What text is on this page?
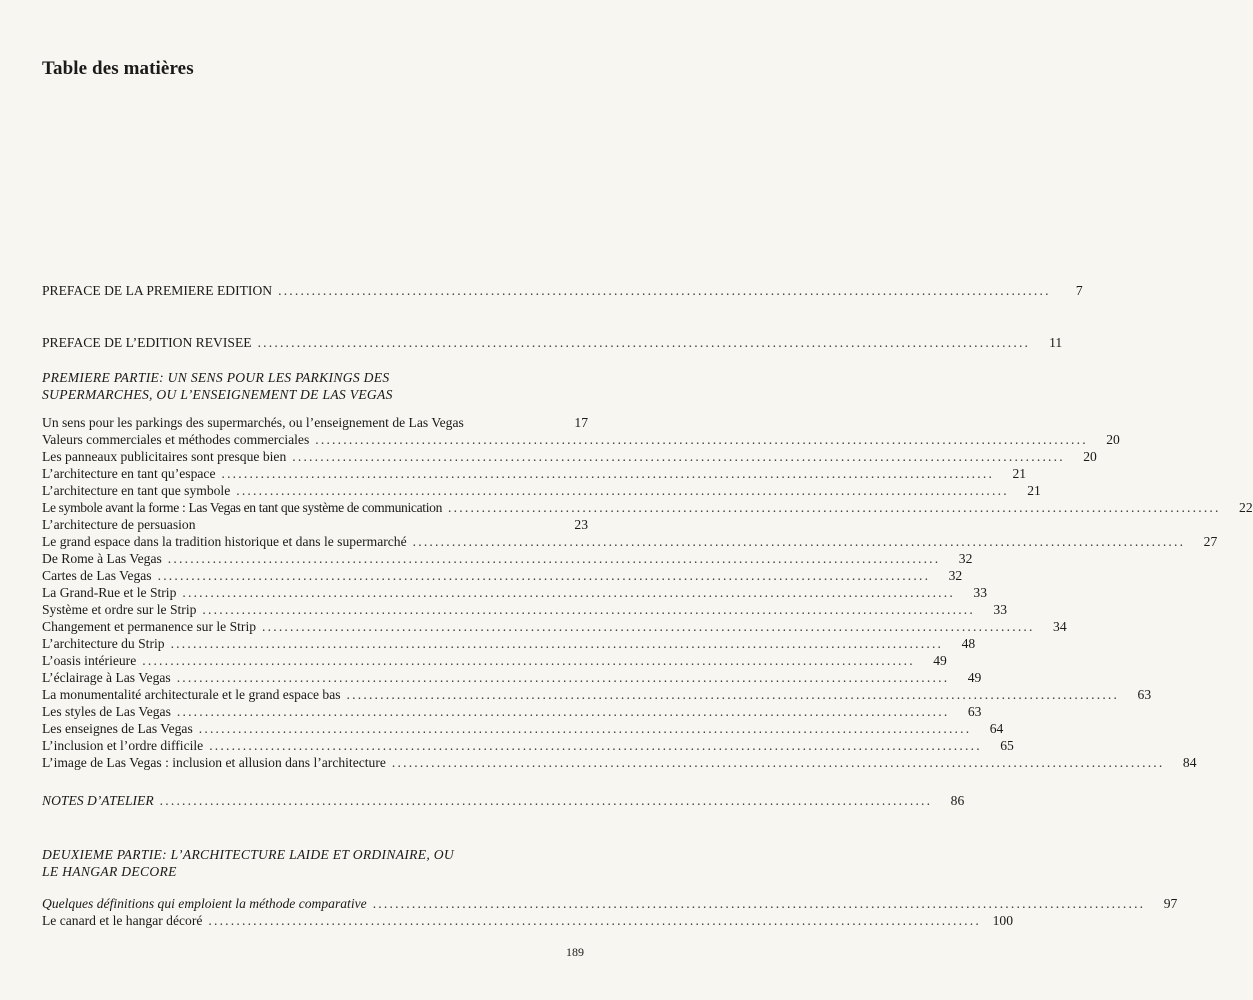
Table des matières
PREFACE DE LA PREMIERE EDITION ..........................................................................................................................................	7
PREFACE DE L’EDITION REVISEE ..........................................................................................................................................	11
PREMIERE PARTIE: UN SENS POUR LES PARKINGS DES
SUPERMARCHES, OU L’ENSEIGNEMENT DE LAS VEGAS
Un sens pour les parkings des supermarchés, ou l’enseignement de Las Vegas	17
Valeurs commerciales et méthodes commerciales ..........................................................................................................................................	20
Les panneaux publicitaires sont presque bien ..........................................................................................................................................	20
L’architecture en tant qu’espace ..........................................................................................................................................	21
L’architecture en tant que symbole ..........................................................................................................................................	21
Le symbole avant la forme : Las Vegas en tant que système de communication ..........................................................................................................................................	22
L’architecture de persuasion	23
Le grand espace dans la tradition historique et dans le supermarché ..........................................................................................................................................	27
De Rome à Las Vegas ..........................................................................................................................................	32
Cartes de Las Vegas ..........................................................................................................................................	32
La Grand-Rue et le Strip ..........................................................................................................................................	33
Système et ordre sur le Strip ..........................................................................................................................................	33
Changement et permanence sur le Strip ..........................................................................................................................................	34
L’architecture du Strip ..........................................................................................................................................	48
L’oasis intérieure ..........................................................................................................................................	49
L’éclairage à Las Vegas ..........................................................................................................................................	49
La monumentalité architecturale et le grand espace bas ..........................................................................................................................................	63
Les styles de Las Vegas ..........................................................................................................................................	63
Les enseignes de Las Vegas ..........................................................................................................................................	64
L’inclusion et l’ordre difficile ..........................................................................................................................................	65
L’image de Las Vegas : inclusion et allusion dans l’architecture ..........................................................................................................................................	84
NOTES D’ATELIER ..........................................................................................................................................	86
DEUXIEME PARTIE: L’ARCHITECTURE LAIDE ET ORDINAIRE, OU
LE HANGAR DECORE
Quelques définitions qui emploient la méthode comparative ..........................................................................................................................................	97
Le canard et le hangar décoré .......................................................................................................................................... 100
189
